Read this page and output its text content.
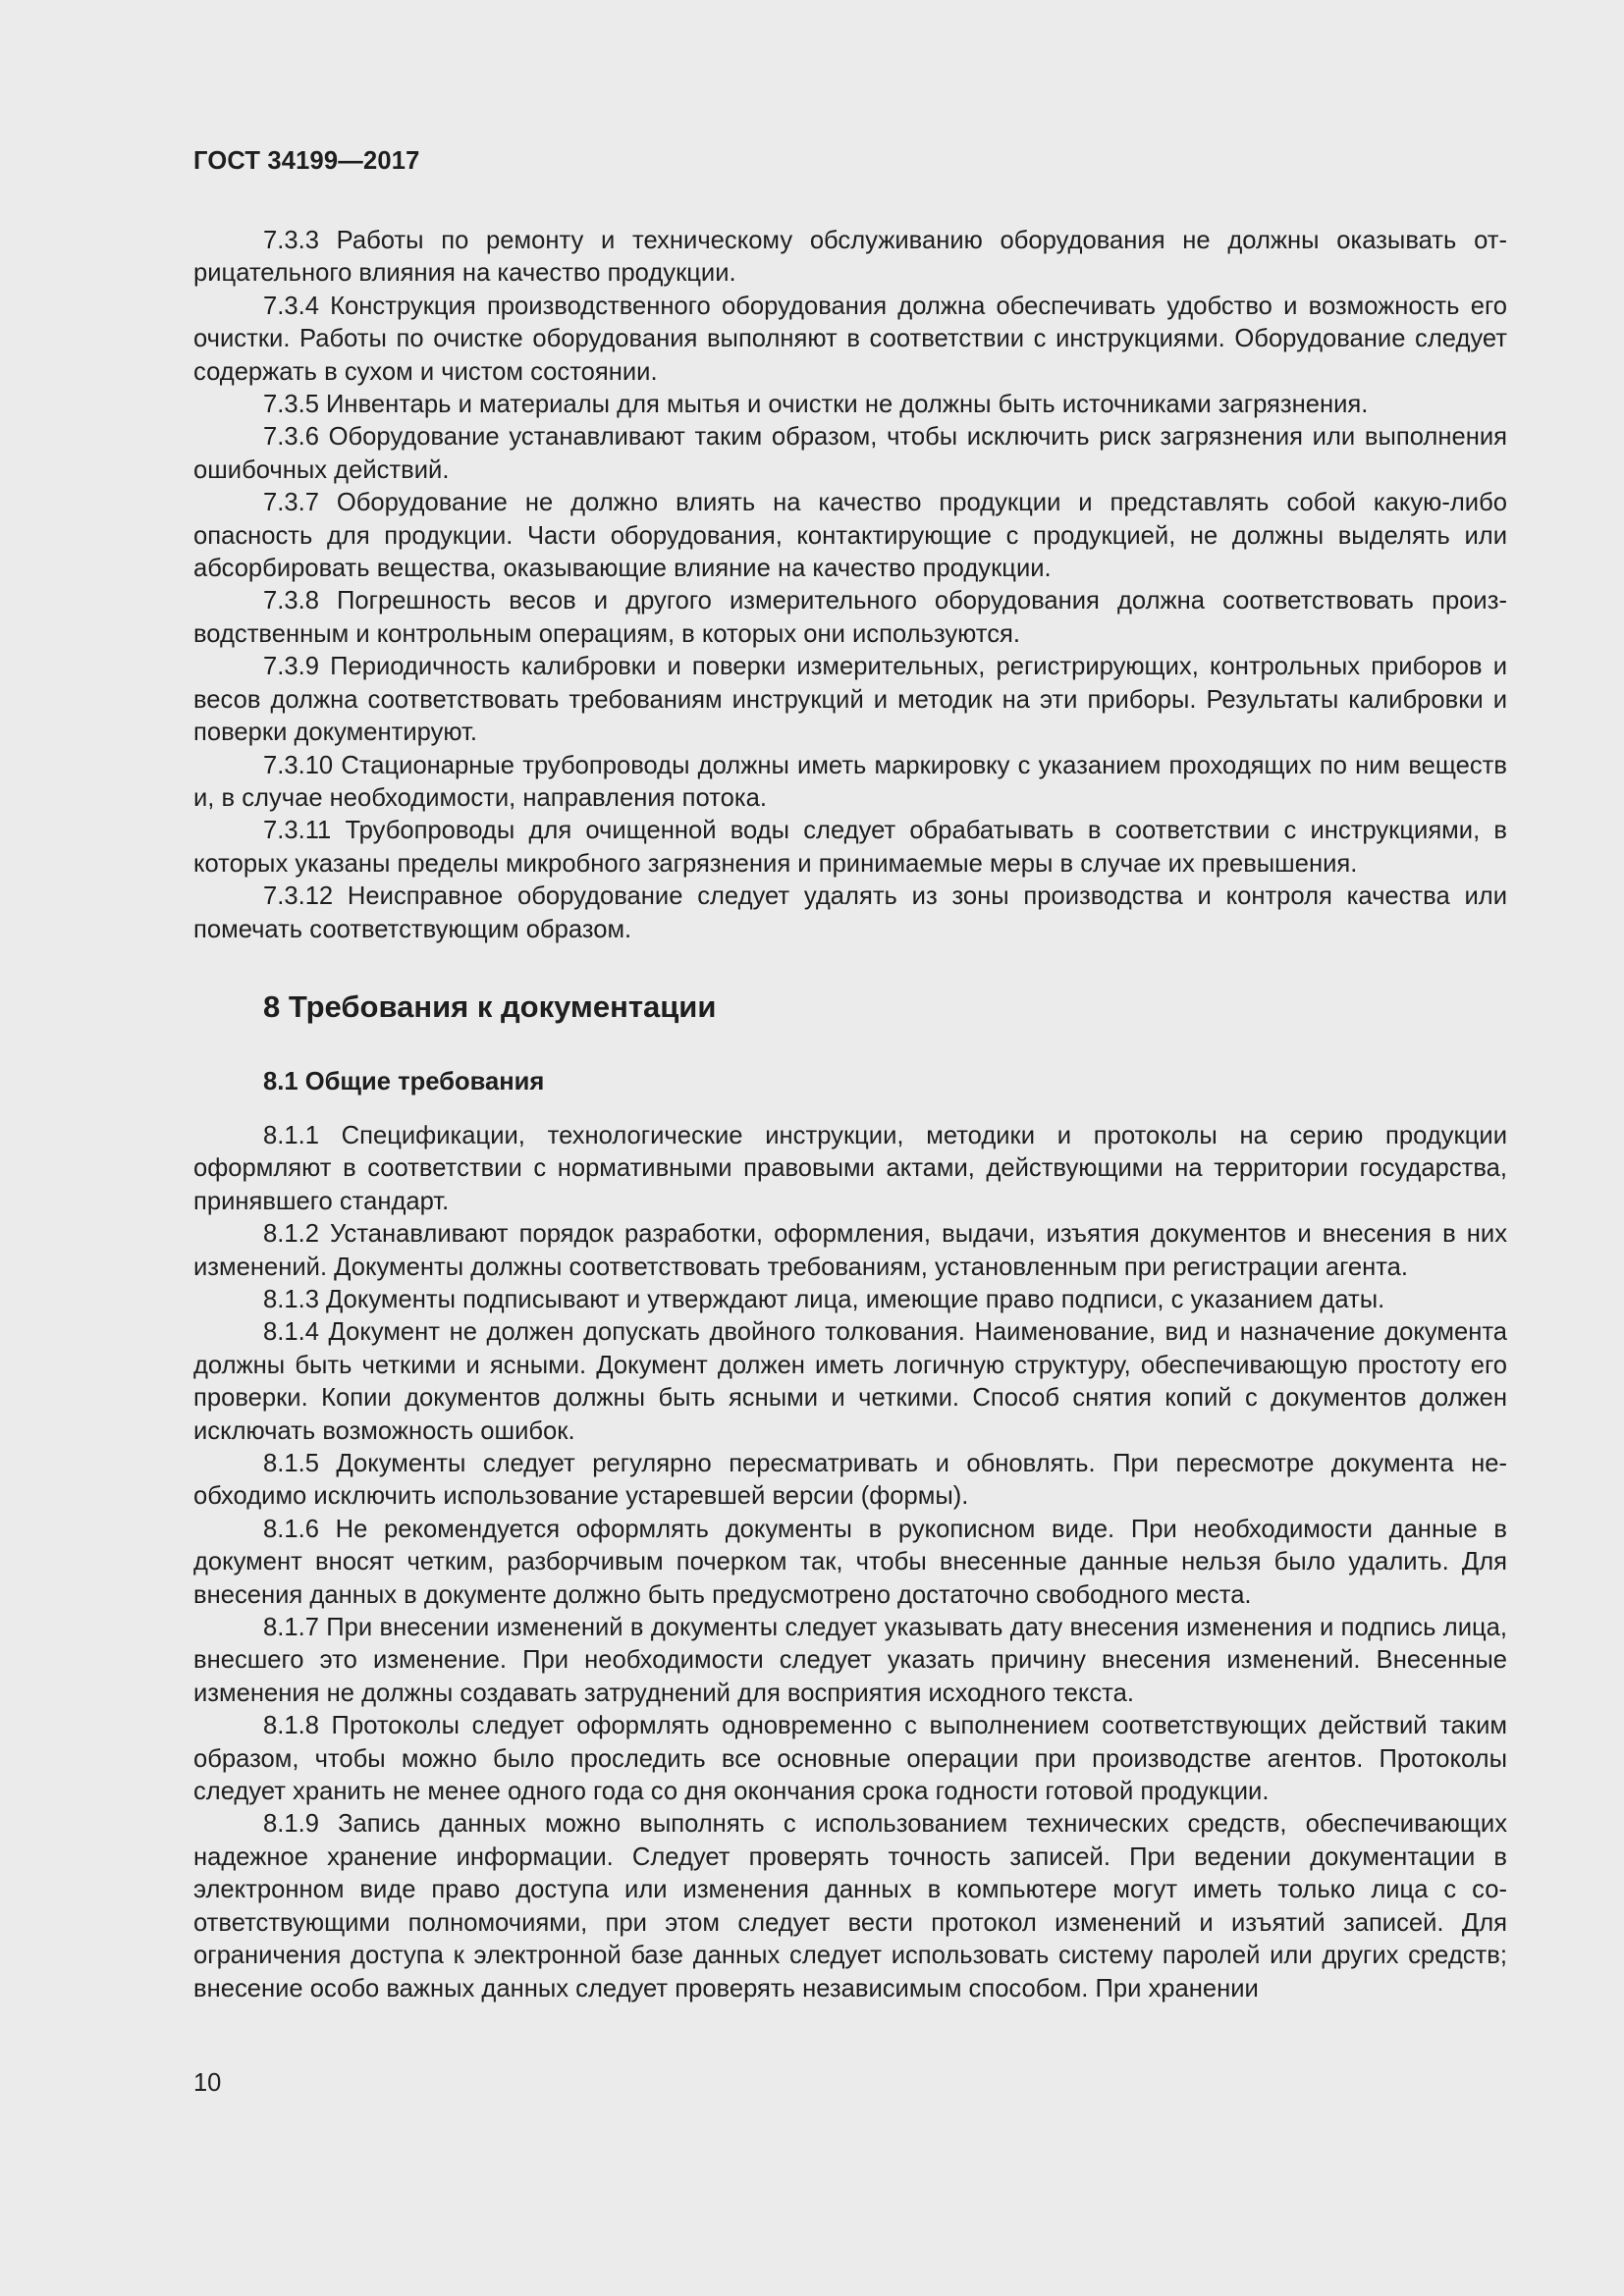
ГОСТ 34199—2017

7.3.3 Работы по ремонту и техническому обслуживанию оборудования не должны оказывать отрицательного влияния на качество продукции.

7.3.4 Конструкция производственного оборудования должна обеспечивать удобство и возможность его очистки. Работы по очистке оборудования выполняют в соответствии с инструкциями. Оборудование следует содержать в сухом и чистом состоянии.

7.3.5 Инвентарь и материалы для мытья и очистки не должны быть источниками загрязнения.

7.3.6 Оборудование устанавливают таким образом, чтобы исключить риск загрязнения или выполнения ошибочных действий.

7.3.7 Оборудование не должно влиять на качество продукции и представлять собой какую-либо опасность для продукции. Части оборудования, контактирующие с продукцией, не должны выделять или абсорбировать вещества, оказывающие влияние на качество продукции.

7.3.8 Погрешность весов и другого измерительного оборудования должна соответствовать производственным и контрольным операциям, в которых они используются.

7.3.9 Периодичность калибровки и поверки измерительных, регистрирующих, контрольных приборов и весов должна соответствовать требованиям инструкций и методик на эти приборы. Результаты калибровки и поверки документируют.

7.3.10 Стационарные трубопроводы должны иметь маркировку с указанием проходящих по ним веществ и, в случае необходимости, направления потока.

7.3.11 Трубопроводы для очищенной воды следует обрабатывать в соответствии с инструкциями, в которых указаны пределы микробного загрязнения и принимаемые меры в случае их превышения.

7.3.12 Неисправное оборудование следует удалять из зоны производства и контроля качества или помечать соответствующим образом.

8 Требования к документации
8.1 Общие требования

8.1.1 Спецификации, технологические инструкции, методики и протоколы на серию продукции оформляют в соответствии с нормативными правовыми актами, действующими на территории государства, принявшего стандарт.

8.1.2 Устанавливают порядок разработки, оформления, выдачи, изъятия документов и внесения в них изменений. Документы должны соответствовать требованиям, установленным при регистрации агента.

8.1.3 Документы подписывают и утверждают лица, имеющие право подписи, с указанием даты.

8.1.4 Документ не должен допускать двойного толкования. Наименование, вид и назначение документа должны быть четкими и ясными. Документ должен иметь логичную структуру, обеспечивающую простоту его проверки. Копии документов должны быть ясными и четкими. Способ снятия копий с документов должен исключать возможность ошибок.

8.1.5 Документы следует регулярно пересматривать и обновлять. При пересмотре документа необходимо исключить использование устаревшей версии (формы).

8.1.6 Не рекомендуется оформлять документы в рукописном виде. При необходимости данные в документ вносят четким, разборчивым почерком так, чтобы внесенные данные нельзя было удалить. Для внесения данных в документе должно быть предусмотрено достаточно свободного места.

8.1.7 При внесении изменений в документы следует указывать дату внесения изменения и подпись лица, внесшего это изменение. При необходимости следует указать причину внесения изменений. Внесенные изменения не должны создавать затруднений для восприятия исходного текста.

8.1.8 Протоколы следует оформлять одновременно с выполнением соответствующих действий таким образом, чтобы можно было проследить все основные операции при производстве агентов. Протоколы следует хранить не менее одного года со дня окончания срока годности готовой продукции.

8.1.9 Запись данных можно выполнять с использованием технических средств, обеспечивающих надежное хранение информации. Следует проверять точность записей. При ведении документации в электронном виде право доступа или изменения данных в компьютере могут иметь только лица с соответствующими полномочиями, при этом следует вести протокол изменений и изъятий записей. Для ограничения доступа к электронной базе данных следует использовать систему паролей или других средств; внесение особо важных данных следует проверять независимым способом. При хранении

10
